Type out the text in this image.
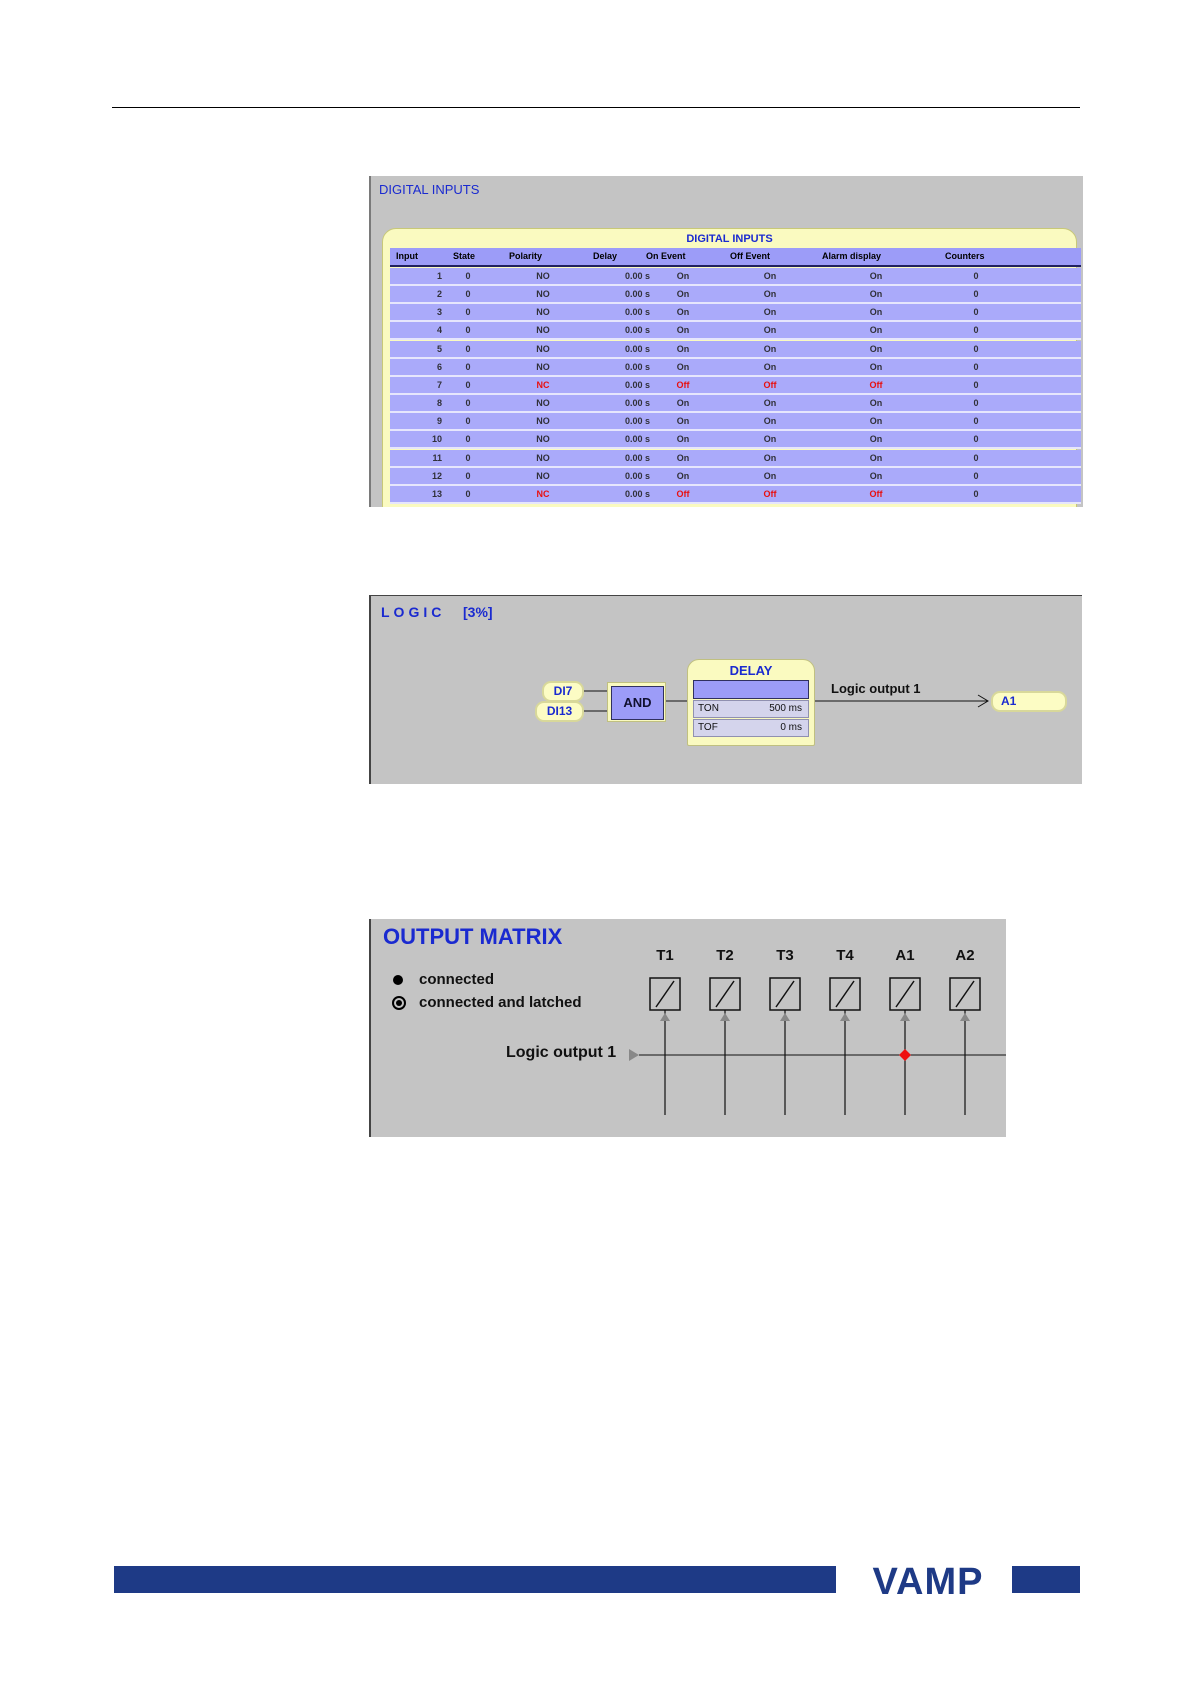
DIGITAL INPUTS
DIGITAL INPUTS
Input	State	Polarity	Delay	On Event	Off Event	Alarm display	Counters
1	0	NO	0.00 s	On	On	On	0
2	0	NO	0.00 s	On	On	On	0
3	0	NO	0.00 s	On	On	On	0
4	0	NO	0.00 s	On	On	On	0
5	0	NO	0.00 s	On	On	On	0
6	0	NO	0.00 s	On	On	On	0
7	0	NC	0.00 s	Off	Off	Off	0
8	0	NO	0.00 s	On	On	On	0
9	0	NO	0.00 s	On	On	On	0
10	0	NO	0.00 s	On	On	On	0
11	0	NO	0.00 s	On	On	On	0
12	0	NO	0.00 s	On	On	On	0
13	0	NC	0.00 s	Off	Off	Off	0
LOGIC [3%]
DI7
DI13
AND
DELAY
TON	500 ms
TOF	0 ms
Logic output 1
A1
OUTPUT MATRIX
connected
connected and latched
T1	T2	T3	T4	A1	A2
Logic output 1
VAMP
